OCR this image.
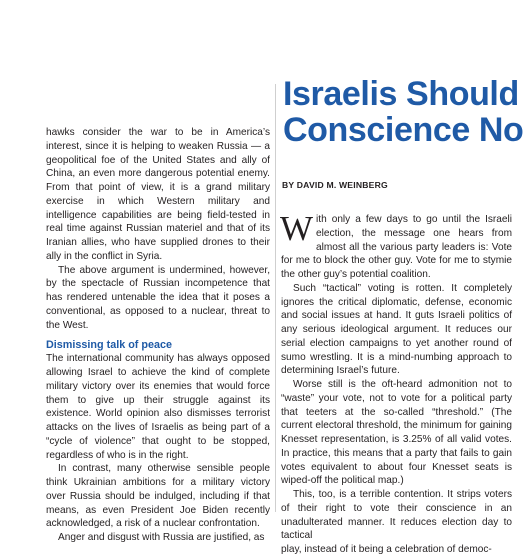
hawks consider the war to be in America’s interest, since it is helping to weaken Russia — a geopolitical foe of the United States and ally of China, an even more dangerous potential enemy. From that point of view, it is a grand military exercise in which Western military and intelligence capabilities are being field-tested in real time against Russian materiel and that of its Iranian allies, who have supplied drones to their ally in the conflict in Syria.

The above argument is undermined, however, by the spectacle of Russian incompetence that has rendered untenable the idea that it poses a conventional, as opposed to a nuclear, threat to the West.

Dismissing talk of peace

The international community has always opposed allowing Israel to achieve the kind of complete military victory over its enemies that would force them to give up their struggle against its existence. World opinion also dismisses terrorist attacks on the lives of Israelis as being part of a “cycle of violence” that ought to be stopped, regardless of who is in the right.

In contrast, many otherwise sensible people think Ukrainian ambitions for a military victory over Russia should be indulged, including if that means, as even President Joe Biden recently acknowledged, a risk of a nuclear confrontation.

Anger and disgust with Russia are justified, as

Israelis Should
Conscience No
BY DAVID M. WEINBERG

With only a few days to go until the Israeli election, the message one hears from almost all the various party leaders is: Vote for me to block the other guy. Vote for me to stymie the other guy’s potential coalition.

Such “tactical” voting is rotten. It completely ignores the critical diplomatic, defense, economic and social issues at hand. It guts Israeli politics of any serious ideological argument. It reduces our serial election campaigns to yet another round of sumo wrestling. It is a mind-numbing approach to determining Israel’s future.

Worse still is the oft-heard admonition not to “waste” your vote, not to vote for a political party that teeters at the so-called “threshold.” (The current electoral threshold, the minimum for gaining Knesset representation, is 3.25% of all valid votes. In practice, this means that a party that fails to gain votes equivalent to about four Knesset seats is wiped-off the political map.)

This, too, is a terrible contention. It strips voters of their right to vote their conscience in an unadulterated manner. It reduces election day to tactical

play, instead of it being a celebration of democ-
